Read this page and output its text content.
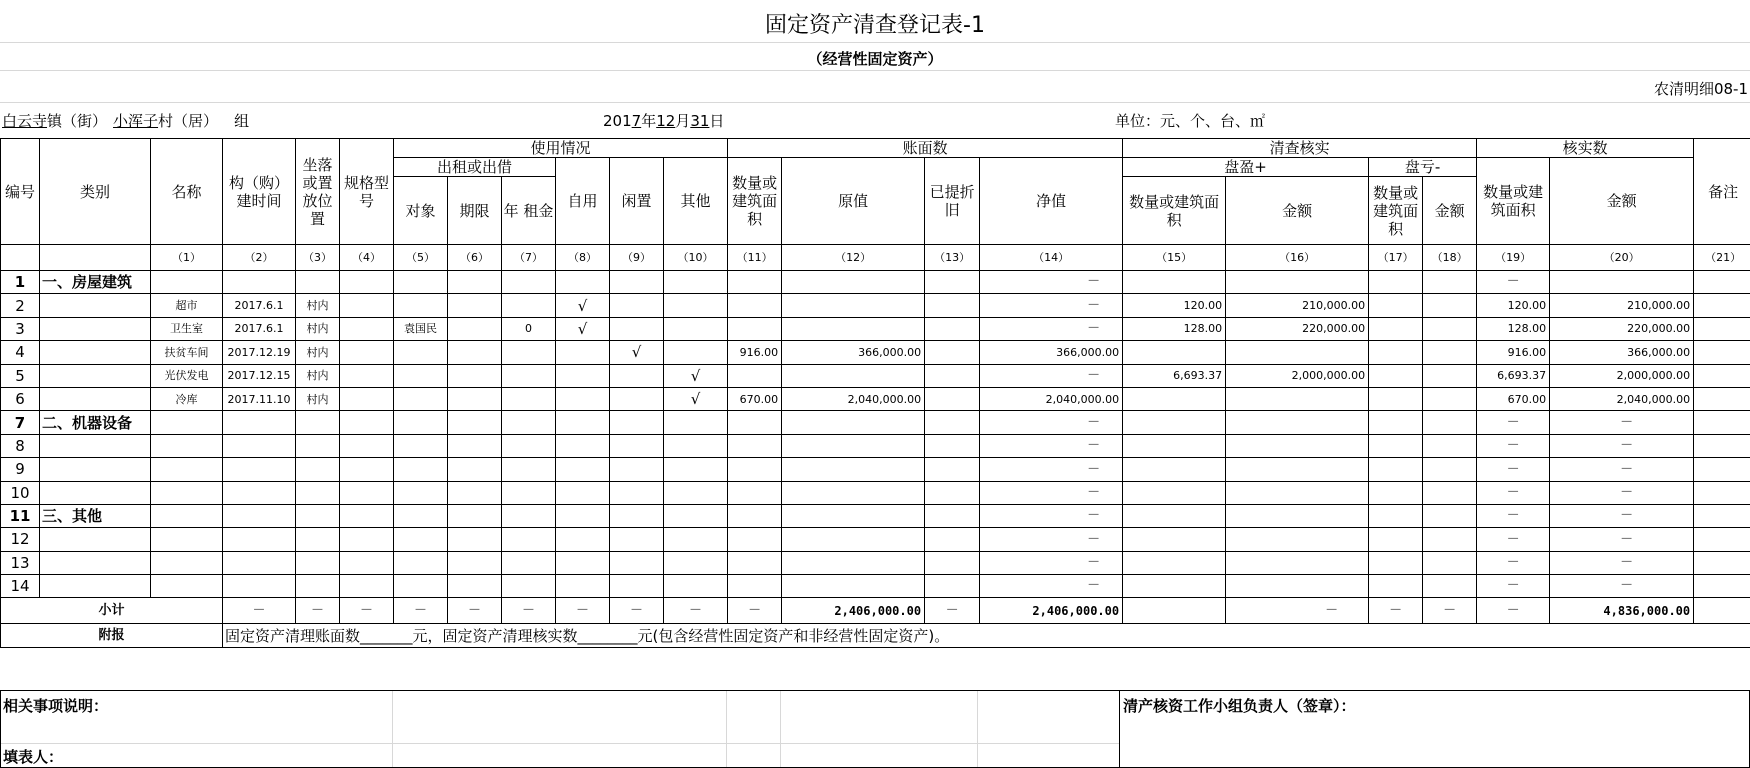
固定资产清查登记表-1
（经营性固定资产）
农清明细08-1
白云寺镇（街） 小浑子村（居） 组	2017年12月31日	单位：元、个、台、㎡
编号	类别	名称	构（购）建时间	坐落或置放位置	规格型号	使用情况						账面数				清查核实				核实数		备注
						出租或出借			自用	闲置	其他	数量或建筑面积	原值	已提折旧	净值	盘盈+		盘亏-		数量或建筑面积	金额	
						对象	期限	年 租金								数量或建筑面积	金额	数量或建筑面积	金额			
		（1）	（2）	（3）	（4）	（5）	（6）	（7）	（8）	（9）	（10）	（11）	（12）	（13）	（14）	（15）	（16）	（17）	（18）	（19）	（20）	（21）
1	一、房屋建筑														－					－		
2		超市	2017.6.1	村内					√						－	120.00	210,000.00			120.00	210,000.00	
3		卫生室	2017.6.1	村内		袁国民		0	√						－	128.00	220,000.00			128.00	220,000.00	
4		扶贫车间	2017.12.19	村内						√		916.00	366,000.00		366,000.00					916.00	366,000.00	
5		光伏发电	2017.12.15	村内							√				－	6,693.37	2,000,000.00			6,693.37	2,000,000.00	
6		冷库	2017.11.10	村内							√	670.00	2,040,000.00		2,040,000.00					670.00	2,040,000.00	
7	二、机器设备														－					－	－	
8															－					－	－	
9															－					－	－	
10															－					－	－	
11	三、其他														－					－	－	
12															－					－	－	
13															－					－	－	
14															－					－	－	
小计			－	－	－	－	－	－	－	－	－	－	2,406,000.00	－	2,406,000.00		－	－	－	－	4,836,000.00	
附报			固定资产清理账面数_______元，固定资产清理核实数________元(包含经营性固定资产和非经营性固定资产)。																			
相关事项说明：
填表人：
清产核资工作小组负责人（签章）：
